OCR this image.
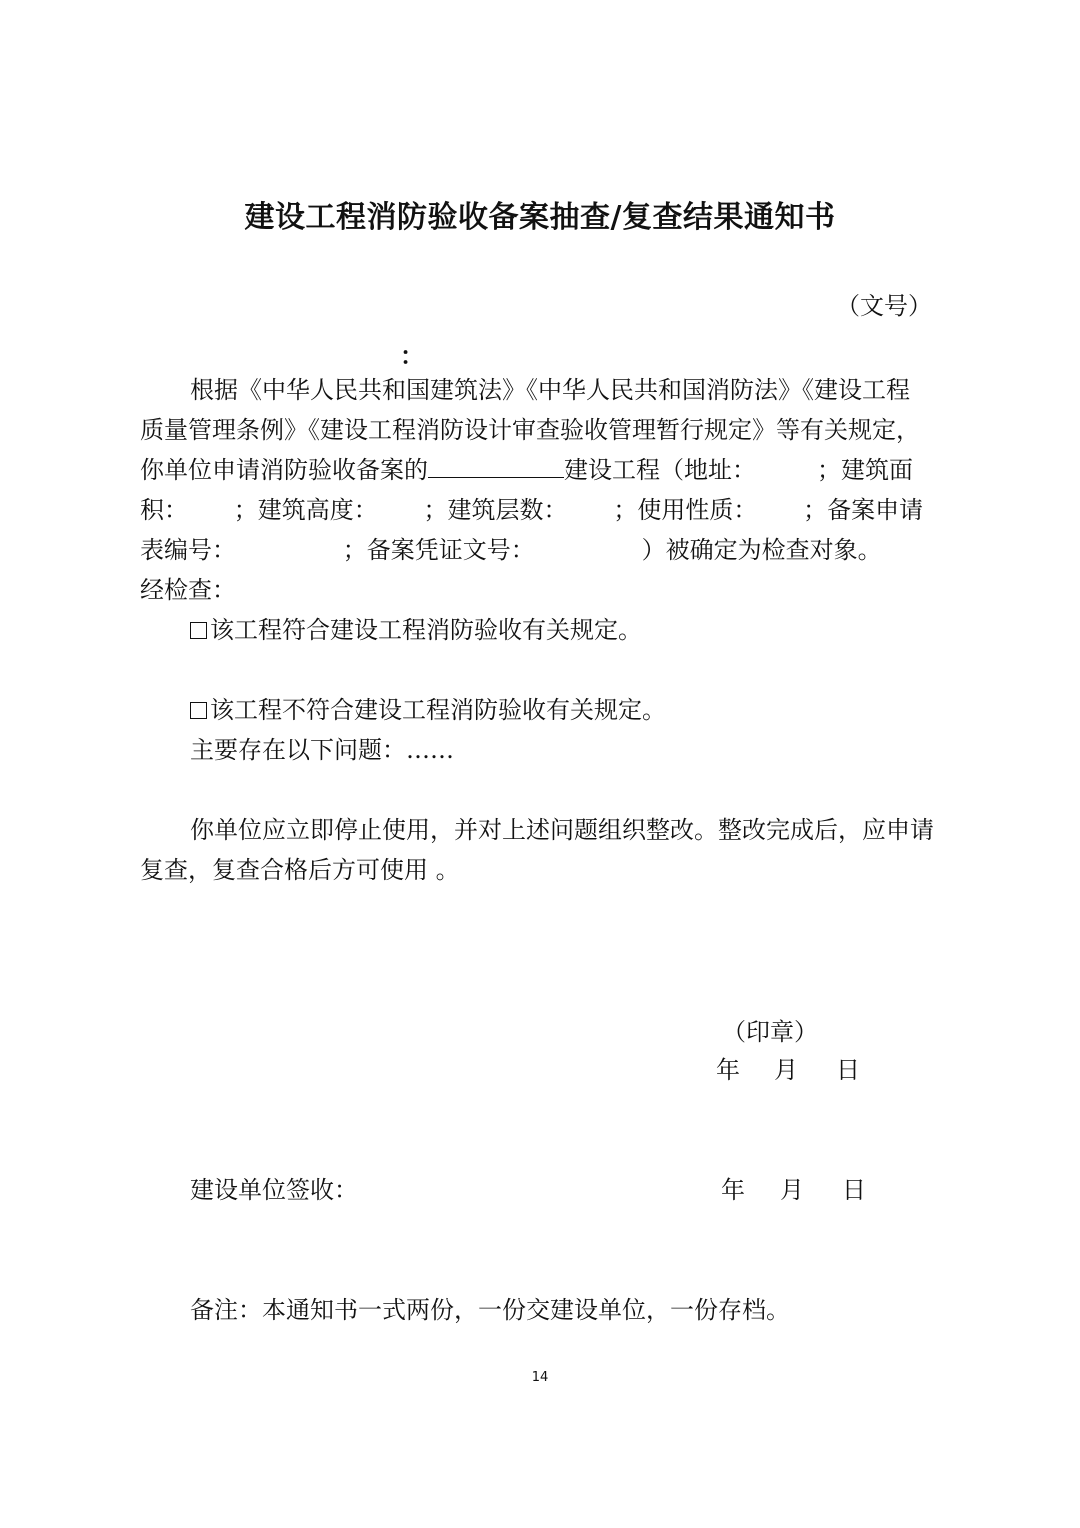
建设工程消防验收备案抽查/复查结果通知书
（文号）
：
根据《中华人民共和国建筑法》《中华人民共和国消防法》《建设工程
质量管理条例》《建设工程消防设计审查验收管理暂行规定》等有关规定，
你单位申请消防验收备案的	建设工程（地址：        ；建筑面
积：      ；建筑高度：      ；建筑层数：      ；使用性质：      ；备案申请
表编号：              ；备案凭证文号：              ）被确定为检查对象。
经检查：
该工程符合建设工程消防验收有关规定。
该工程不符合建设工程消防验收有关规定。
主要存在以下问题：……
你单位应立即停止使用，并对上述问题组织整改。整改完成后，应申请
复查，复查合格后方可使用 。
（印章）
年 月 日
建设单位签收：	年 月 日
备注：本通知书一式两份，一份交建设单位，一份存档。
14
